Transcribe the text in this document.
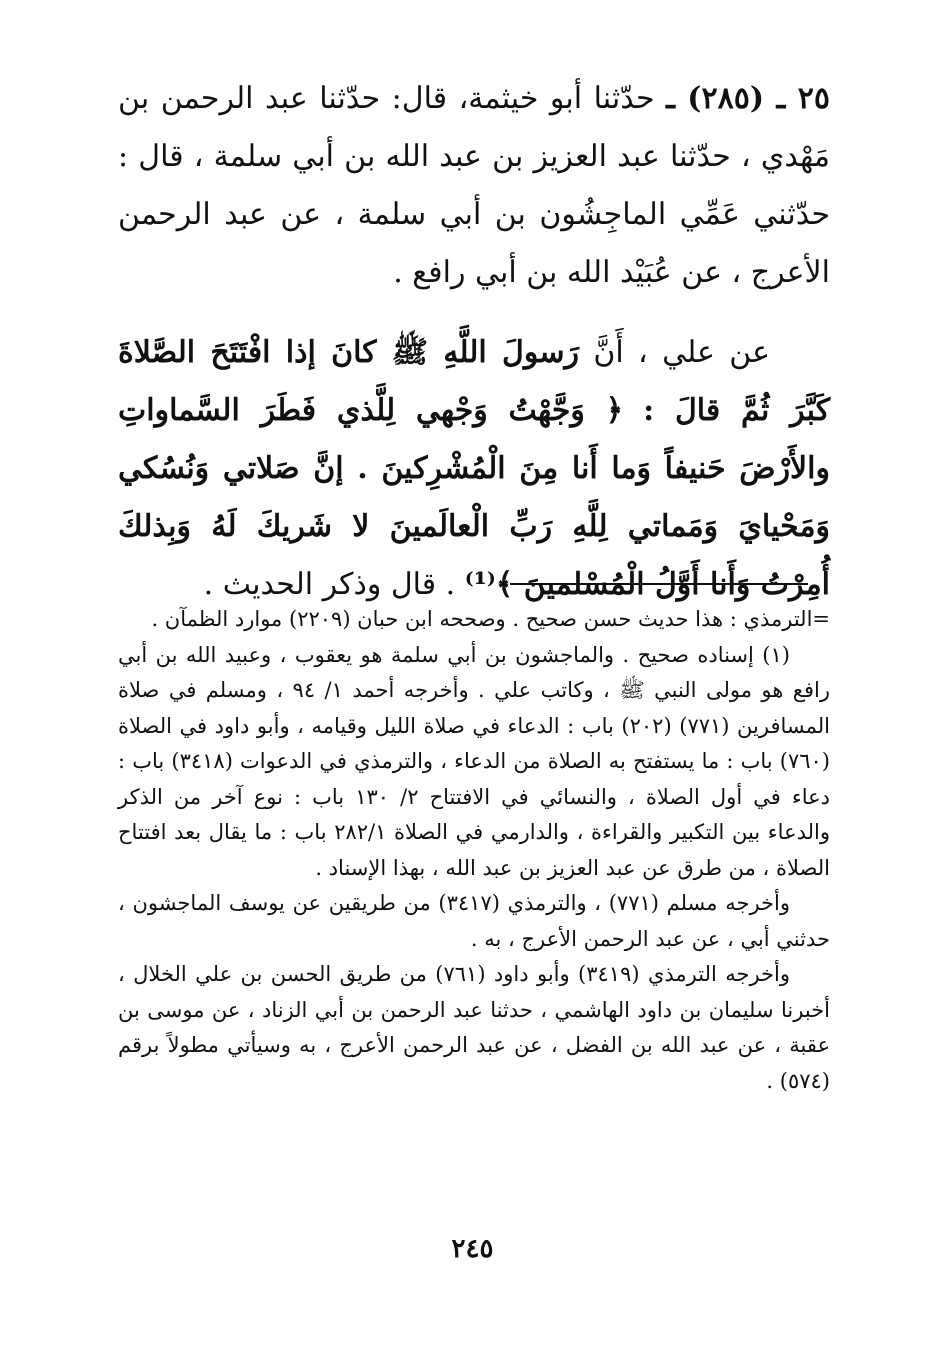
٢٥ ـ (٢٨٥) ـ حدّثنا أبو خيثمة، قال: حدّثنا عبد الرحمن بن مَهْدي ، حدّثنا عبد العزيز بن عبد الله بن أبي سلمة ، قال : حدّثني عَمِّي الماجِشُون بن أبي سلمة ، عن عبد الرحمن الأعرج ، عن عُبَيْد الله بن أبي رافع .

عن علي ، أَنَّ رَسولَ اللَّهِ ﷺ كانَ إذا افْتَتَحَ الصَّلاةَ كَبَّرَ ثُمَّ قالَ : ﴿ وَجَّهْتُ وَجْهي لِلَّذي فَطَرَ السَّماواتِ والأَرْضَ حَنيفاً وَما أَنا مِنَ الْمُشْرِكينَ . إنَّ صَلاتي وَنُسُكي وَمَحْيايَ وَمَماتي لِلَّهِ رَبِّ الْعالَمينَ لا شَريكَ لَهُ وَبِذلكَ أُمِرْتُ وَأَنا أَوَّلُ الْمُسْلمينَ ﴾⁽¹⁾ . قال وذكر الحديث .

=الترمذي : هذا حديث حسن صحيح . وصححه ابن حبان (٢٢٠٩) موارد الظمآن .

(١) إسناده صحيح . والماجشون بن أبي سلمة هو يعقوب ، وعبيد الله بن أبي رافع هو مولى النبي ﷺ ، وكاتب علي . وأخرجه أحمد ١/ ٩٤ ، ومسلم في صلاة المسافرين (٧٧١) (٢٠٢) باب : الدعاء في صلاة الليل وقيامه ، وأبو داود في الصلاة (٧٦٠) باب : ما يستفتح به الصلاة من الدعاء ، والترمذي في الدعوات (٣٤١٨) باب : دعاء في أول الصلاة ، والنسائي في الافتتاح ٢/ ١٣٠ باب : نوع آخر من الذكر والدعاء بين التكبير والقراءة ، والدارمي في الصلاة ٢٨٢/١ باب : ما يقال بعد افتتاح الصلاة ، من طرق عن عبد العزيز بن عبد الله ، بهذا الإسناد .

وأخرجه مسلم (٧٧١) ، والترمذي (٣٤١٧) من طريقين عن يوسف الماجشون ، حدثني أبي ، عن عبد الرحمن الأعرج ، به .

وأخرجه الترمذي (٣٤١٩) وأبو داود (٧٦١) من طريق الحسن بن علي الخلال ، أخبرنا سليمان بن داود الهاشمي ، حدثنا عبد الرحمن بن أبي الزناد ، عن موسى بن عقبة ، عن عبد الله بن الفضل ، عن عبد الرحمن الأعرج ، به وسيأتي مطولاً برقم (٥٧٤) .

٢٤٥
